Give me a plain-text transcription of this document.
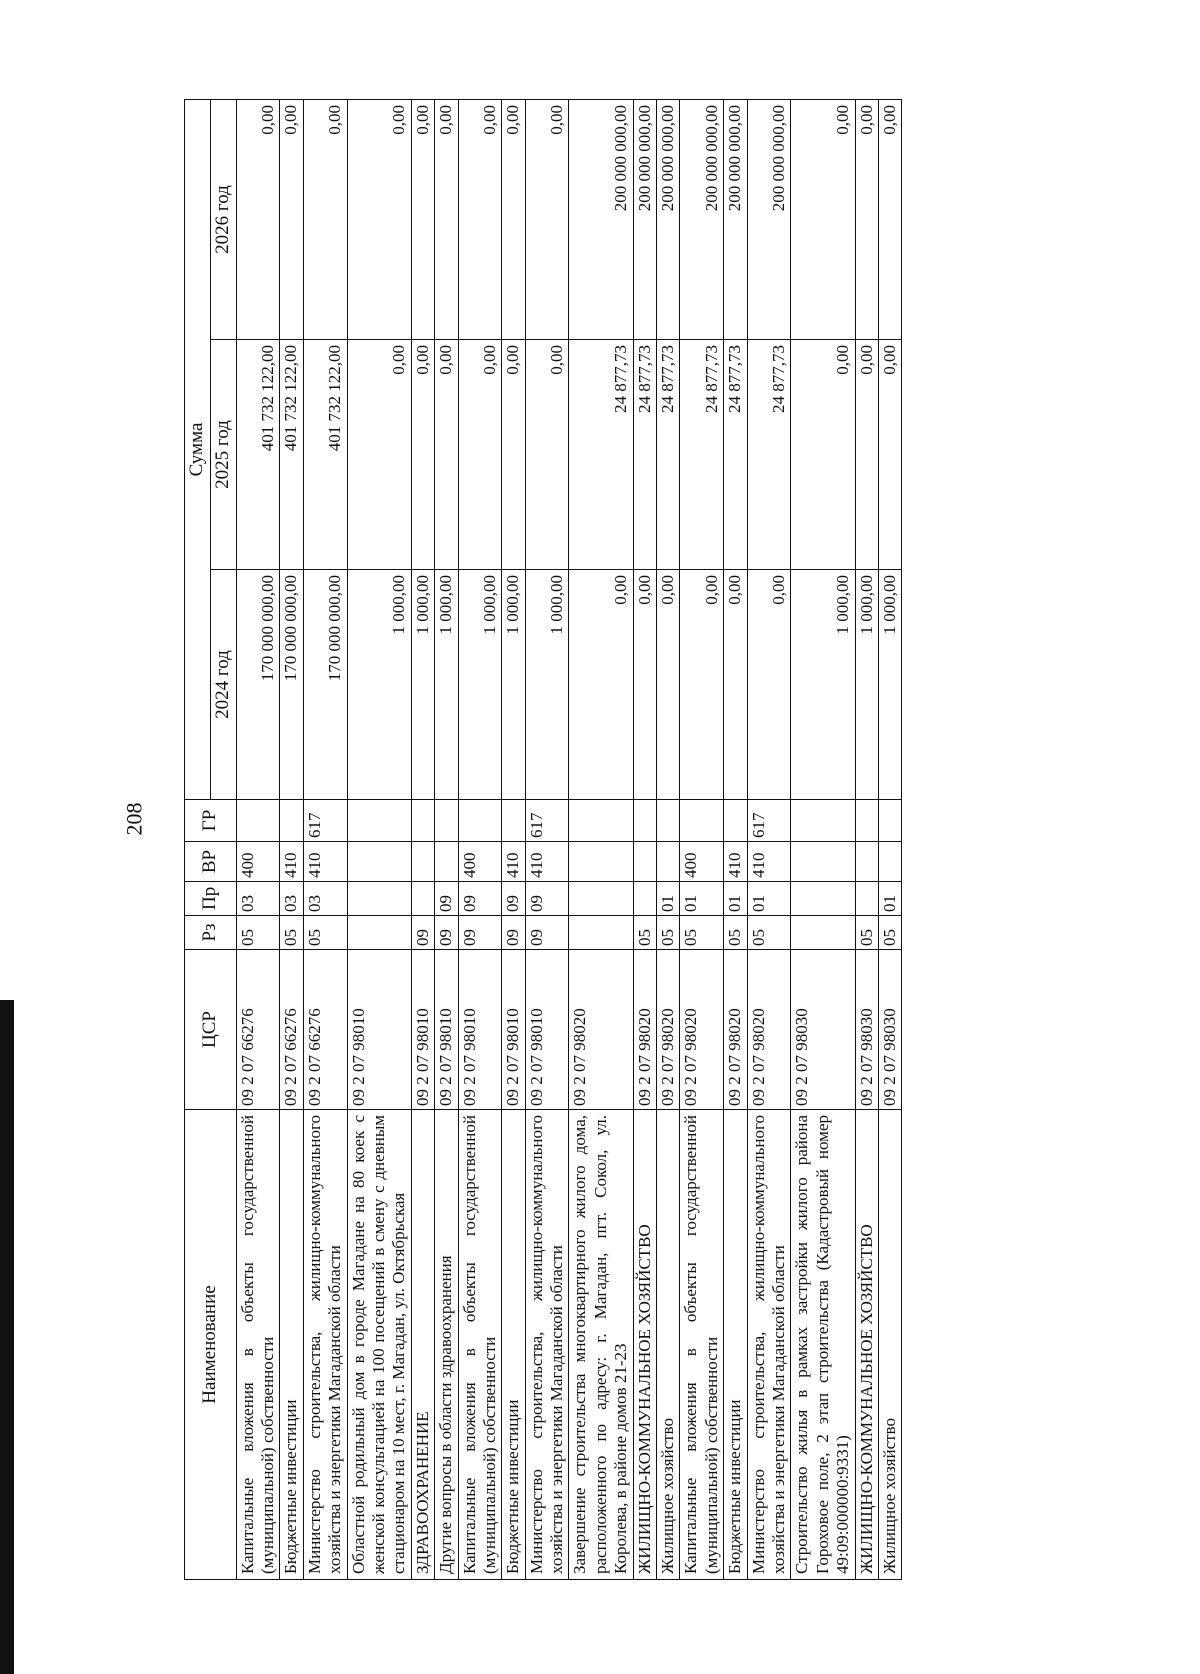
208
Наименование	ЦСР	Рз	Пр	ВР	ГР	Сумма		
						2024 год	2025 год	2026 год
Капитальные вложения в объекты государственной (муниципальной) собственности	09 2 07 66276	05	03	400		170 000 000,00	401 732 122,00	0,00
Бюджетные инвестиции	09 2 07 66276	05	03	410		170 000 000,00	401 732 122,00	0,00
Министерство строительства, жилищно-коммунального хозяйства и энергетики Магаданской области	09 2 07 66276	05	03	410	617	170 000 000,00	401 732 122,00	0,00
Областной родильный дом в городе Магадане на 80 коек с женской консультацией на 100 посещений в смену с дневным стационаром на 10 мест, г. Магадан, ул. Октябрьская	09 2 07 98010					1 000,00	0,00	0,00
ЗДРАВООХРАНЕНИЕ	09 2 07 98010	09				1 000,00	0,00	0,00
Другие вопросы в области здравоохранения	09 2 07 98010	09	09			1 000,00	0,00	0,00
Капитальные вложения в объекты государственной (муниципальной) собственности	09 2 07 98010	09	09	400		1 000,00	0,00	0,00
Бюджетные инвестиции	09 2 07 98010	09	09	410		1 000,00	0,00	0,00
Министерство строительства, жилищно-коммунального хозяйства и энергетики Магаданской области	09 2 07 98010	09	09	410	617	1 000,00	0,00	0,00
Завершение строительства многоквартирного жилого дома, расположенного по адресу: г. Магадан, пгт. Сокол, ул. Королева, в районе домов 21-23	09 2 07 98020					0,00	24 877,73	200 000 000,00
ЖИЛИЩНО-КОММУНАЛЬНОЕ ХОЗЯЙСТВО	09 2 07 98020	05				0,00	24 877,73	200 000 000,00
Жилищное хозяйство	09 2 07 98020	05	01			0,00	24 877,73	200 000 000,00
Капитальные вложения в объекты государственной (муниципальной) собственности	09 2 07 98020	05	01	400		0,00	24 877,73	200 000 000,00
Бюджетные инвестиции	09 2 07 98020	05	01	410		0,00	24 877,73	200 000 000,00
Министерство строительства, жилищно-коммунального хозяйства и энергетики Магаданской области	09 2 07 98020	05	01	410	617	0,00	24 877,73	200 000 000,00
Строительство жилья в рамках застройки жилого района Гороховое поле, 2 этап строительства (Кадастровый номер 49:09:000000:9331)	09 2 07 98030					1 000,00	0,00	0,00
ЖИЛИЩНО-КОММУНАЛЬНОЕ ХОЗЯЙСТВО	09 2 07 98030	05				1 000,00	0,00	0,00
Жилищное хозяйство	09 2 07 98030	05	01			1 000,00	0,00	0,00
